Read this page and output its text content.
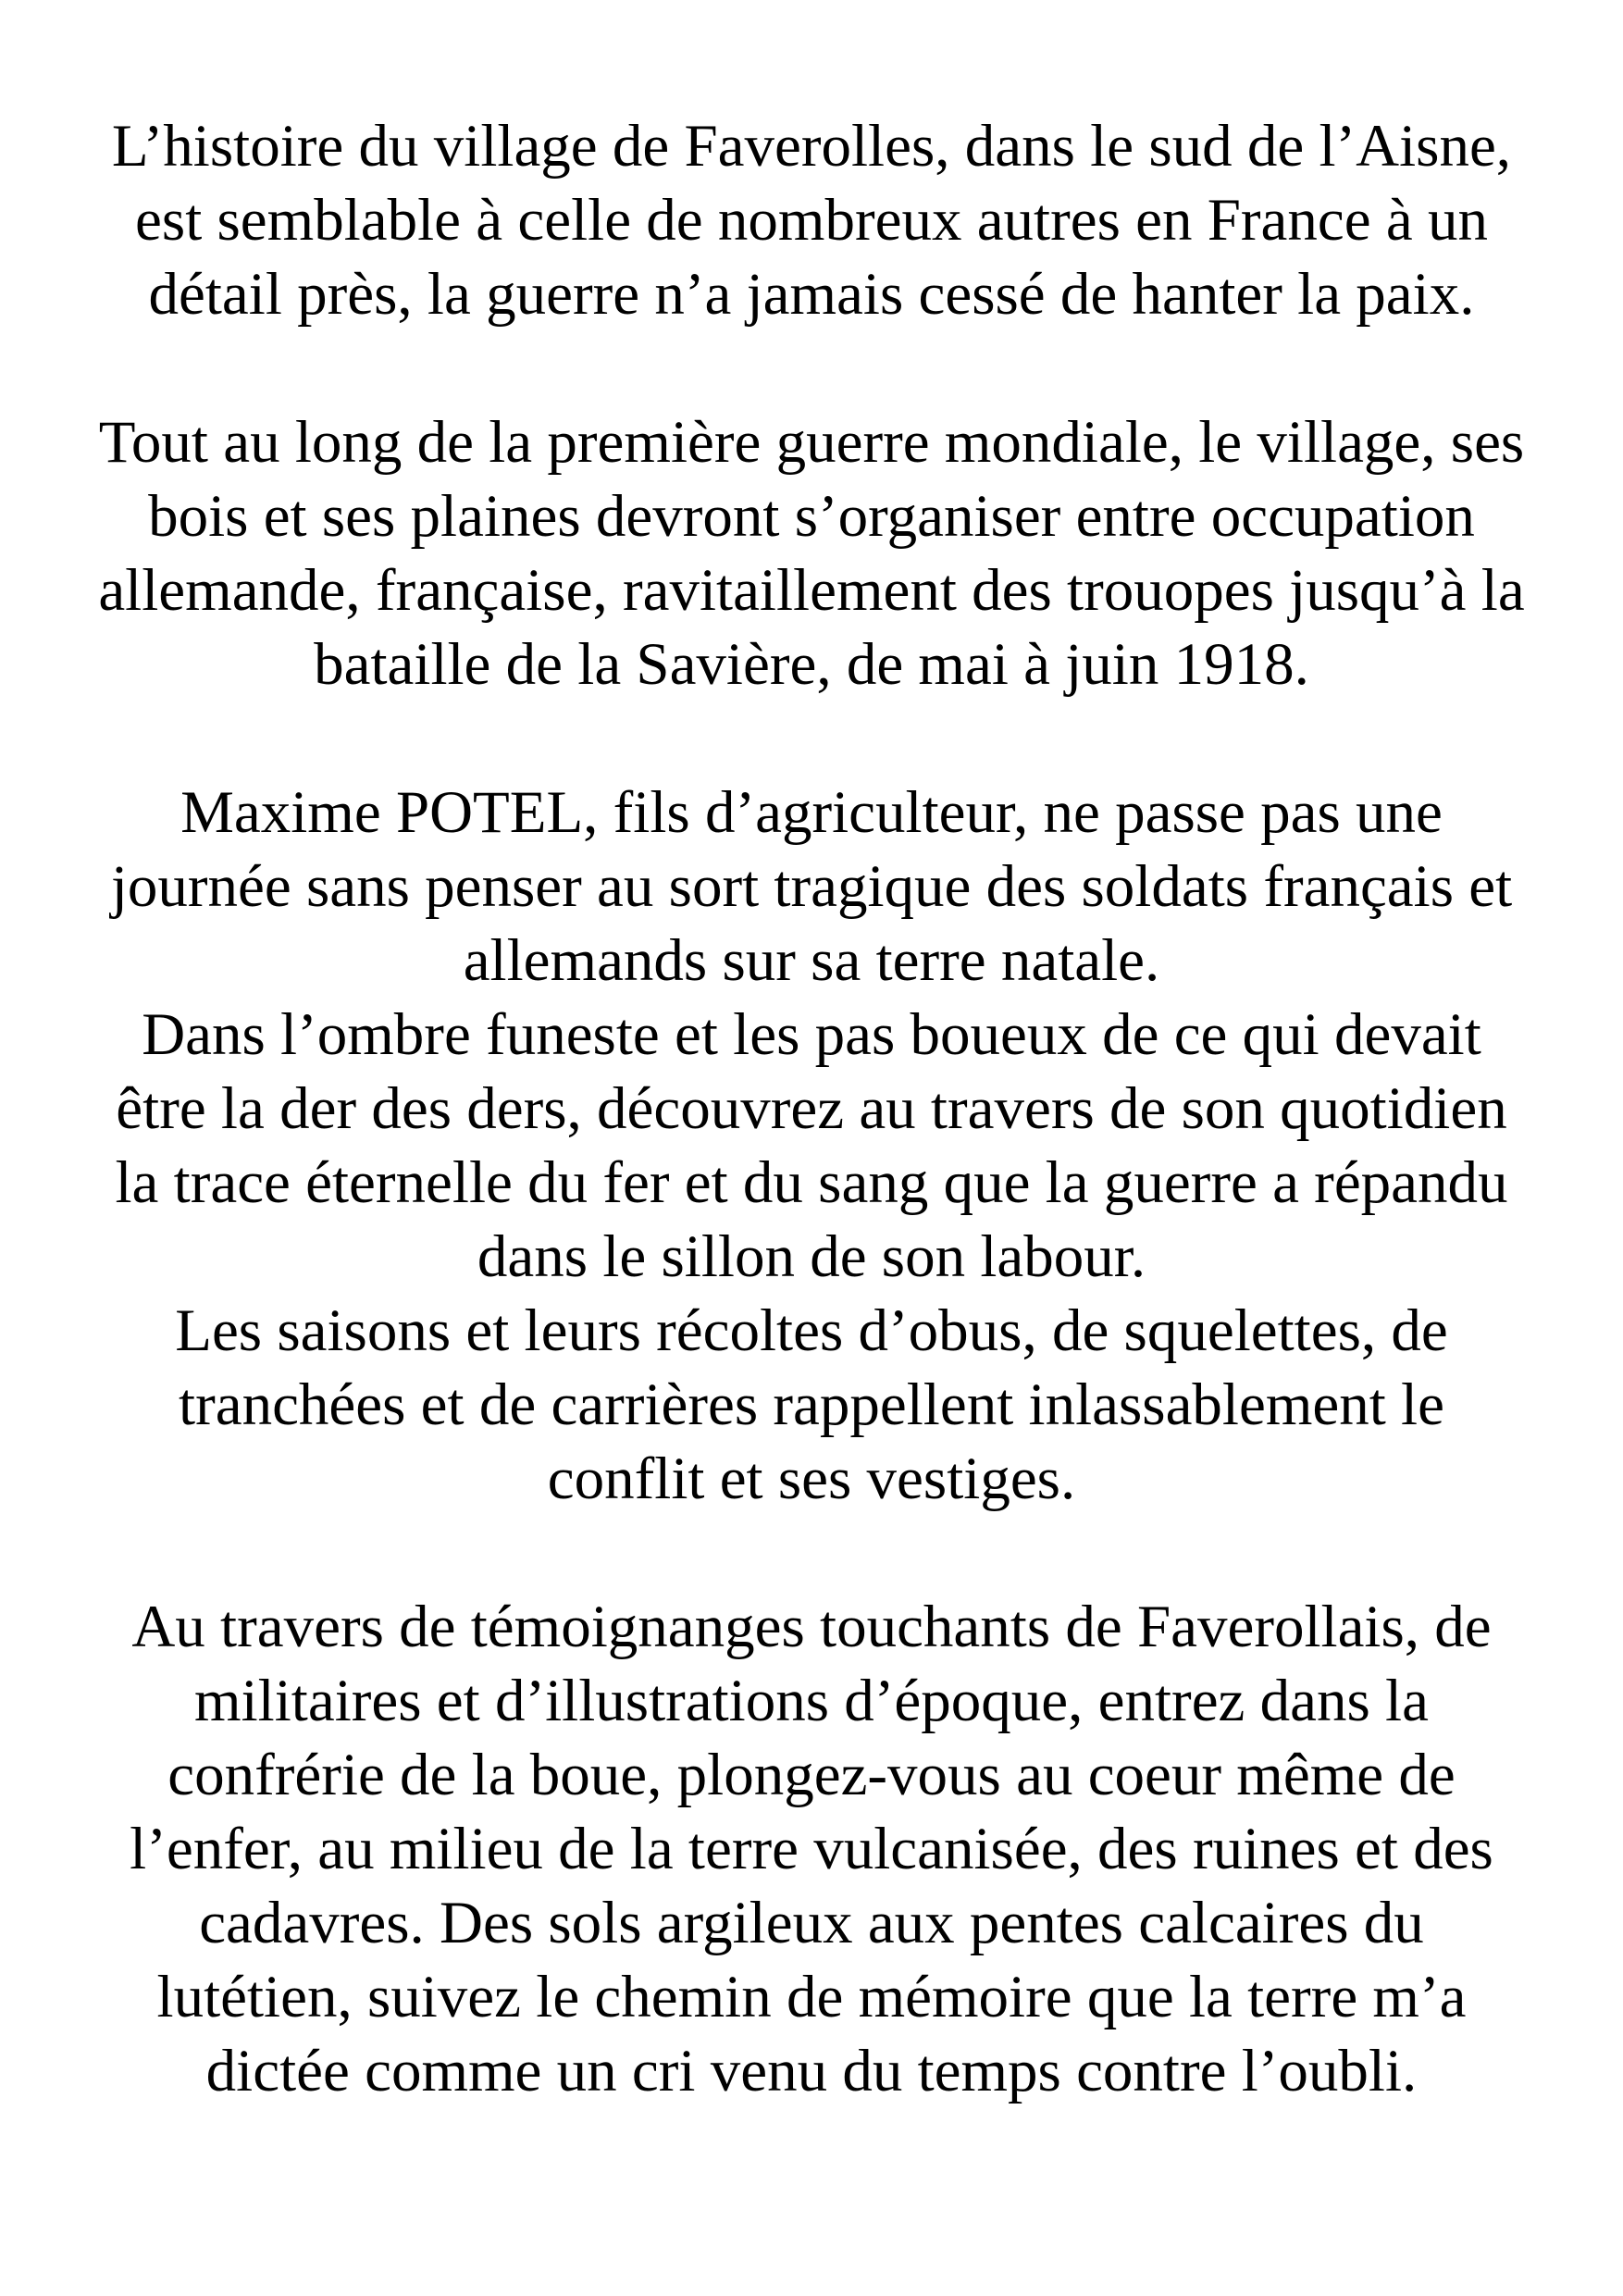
L’histoire du village de Faverolles, dans le sud de l’Aisne,
est semblable à celle de nombreux autres en France à un
détail près, la guerre n’a jamais cessé de hanter la paix.
Tout au long de la première guerre mondiale, le village, ses
bois et ses plaines devront s’organiser entre occupation
allemande, française, ravitaillement des trouopes jusqu’à la
bataille de la Savière, de mai à juin 1918.
Maxime POTEL, fils d’agriculteur, ne passe pas une
journée sans penser au sort tragique des soldats français et
allemands sur sa terre natale.
Dans l’ombre funeste et les pas boueux de ce qui devait
être la der des ders, découvrez au travers de son quotidien
la trace éternelle du fer et du sang que la guerre a répandu
dans le sillon de son labour.
Les saisons et leurs récoltes d’obus, de squelettes, de
tranchées et de carrières rappellent inlassablement le
conflit et ses vestiges.
Au travers de témoignanges touchants de Faverollais, de
militaires et d’illustrations d’époque, entrez dans la
confrérie de la boue, plongez-vous au coeur même de
l’enfer, au milieu de la terre vulcanisée, des ruines et des
cadavres. Des sols argileux aux pentes calcaires du
lutétien, suivez le chemin de mémoire que la terre m’a
dictée comme un cri venu du temps contre l’oubli.
